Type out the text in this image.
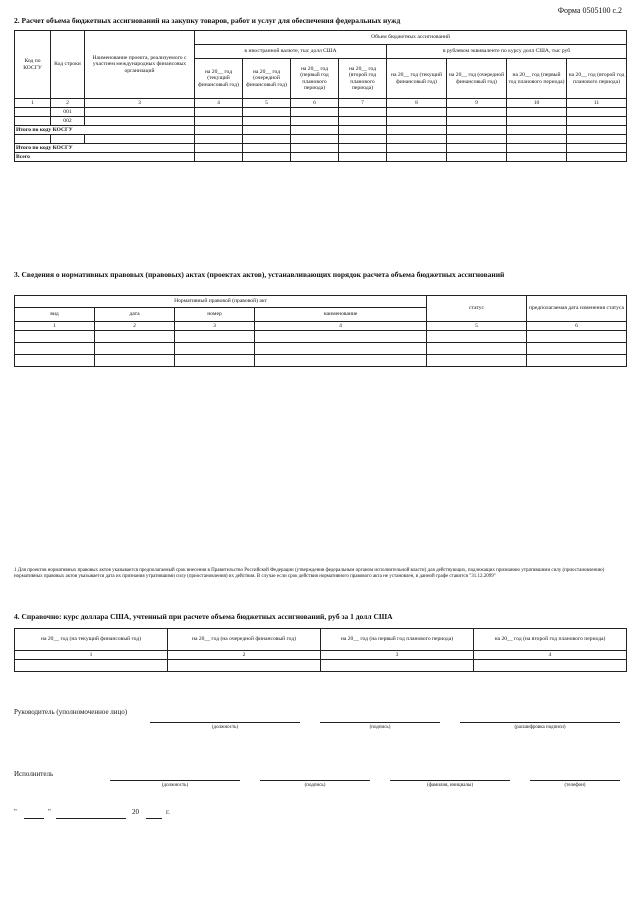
Форма 0505100 с.2
2. Расчет объема бюджетных ассигнований на закупку товаров, работ и услуг для обеспечения федеральных нужд
Код по КОСГУ	Код строки	Наименование проекта, реализуемого с участием международных финансовых организаций	Объем бюджетных ассигнований							
			в иностранной валюте, тыс долл США				в рублевом эквиваленте по курсу долл США, тыс руб			
			на 20__ год (текущий финансовый год)	на 20__ год (очередной финансовый год)	на 20__ год (первый год планового периода)	на 20__ год (второй год планового периода)	на 20__ год (текущий финансовый год)	на 20__ год (очередной финансовый год)	на 20__ год (первый год планового периода)	на 20__ год (второй год планового периода)
1	2	3	4	5	6	7	8	9	10	11
	001									
	002									
Итого по коду КОСГУ										

Итого по коду КОСГУ										
Всего										
3. Сведения о нормативных правовых (правовых) актах (проектах актов), устанавливающих порядок расчета объема бюджетных ассигнований
Нормативный правовой (правовой) акт				статус	предполагаемая дата изменения статуса
вид	дата	номер	наименование		
1	2	3	4	5	6

1 Для проектов нормативных правовых актов указывается предполагаемый срок внесения в Правительство Российской Федерации (утверждения федеральным органом исполнительной власти) для действующих, подлежащих признанию утратившими силу (приостановлению) нормативных правовых актов указывается дата их признания утратившими силу (приостановления) их действия. В случае если срок действия нормативного правового акта не установлен, в данной графе ставится "31.12.2099"
4. Справочно: курс доллара США, учтенный при расчете объема бюджетных ассигнований, руб за 1 долл США
на 20__ год (на текущий финансовый год)	на 20__ год (на очередной финансовый год)	на 20__ год (на первый год планового периода)	на 20__ год (на второй год планового периода)
1	2	3	4

Руководитель (уполномоченное лицо)
(должность)	(подпись)	(расшифровка подписи)
Исполнитель
(должность)	(подпись)	(фамилия, инициалы)	(телефон)
"	"	20	г.
